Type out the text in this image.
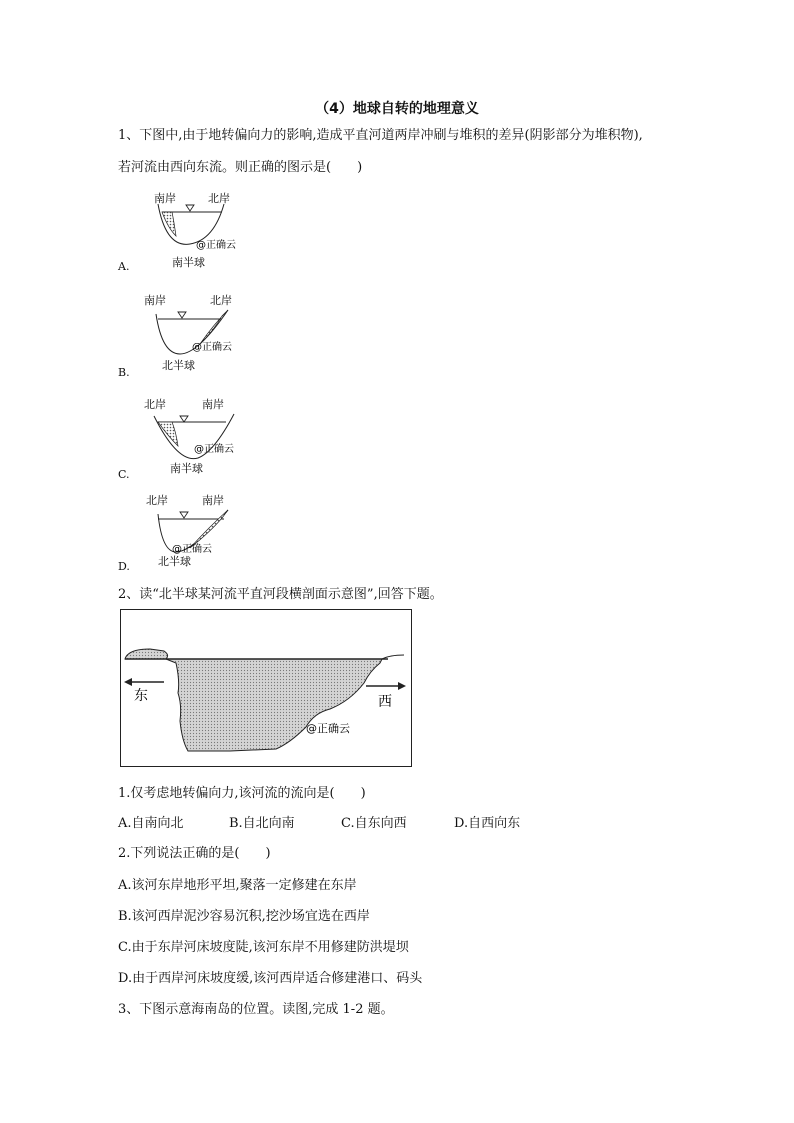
（4）地球自转的地理意义
1、下图中,由于地转偏向力的影响,造成平直河道两岸冲刷与堆积的差异(阴影部分为堆积物),
若河流由西向东流。则正确的图示是(　　)
南岸	北岸
@正确云
南半球
A.
南岸	北岸
@正确云
北半球
B.
北岸	南岸
@正确云
南半球
C.
北岸	南岸
@正确云
北半球
D.
2、读“北半球某河流平直河段横剖面示意图”,回答下题。
东	西
@正确云
1.仅考虑地转偏向力,该河流的流向是(　　)
A.自南向北	B.自北向南	C.自东向西	D.自西向东
2.下列说法正确的是(　　)
A.该河东岸地形平坦,聚落一定修建在东岸
B.该河西岸泥沙容易沉积,挖沙场宜选在西岸
C.由于东岸河床坡度陡,该河东岸不用修建防洪堤坝
D.由于西岸河床坡度缓,该河西岸适合修建港口、码头
3、下图示意海南岛的位置。读图,完成 1-2 题。
